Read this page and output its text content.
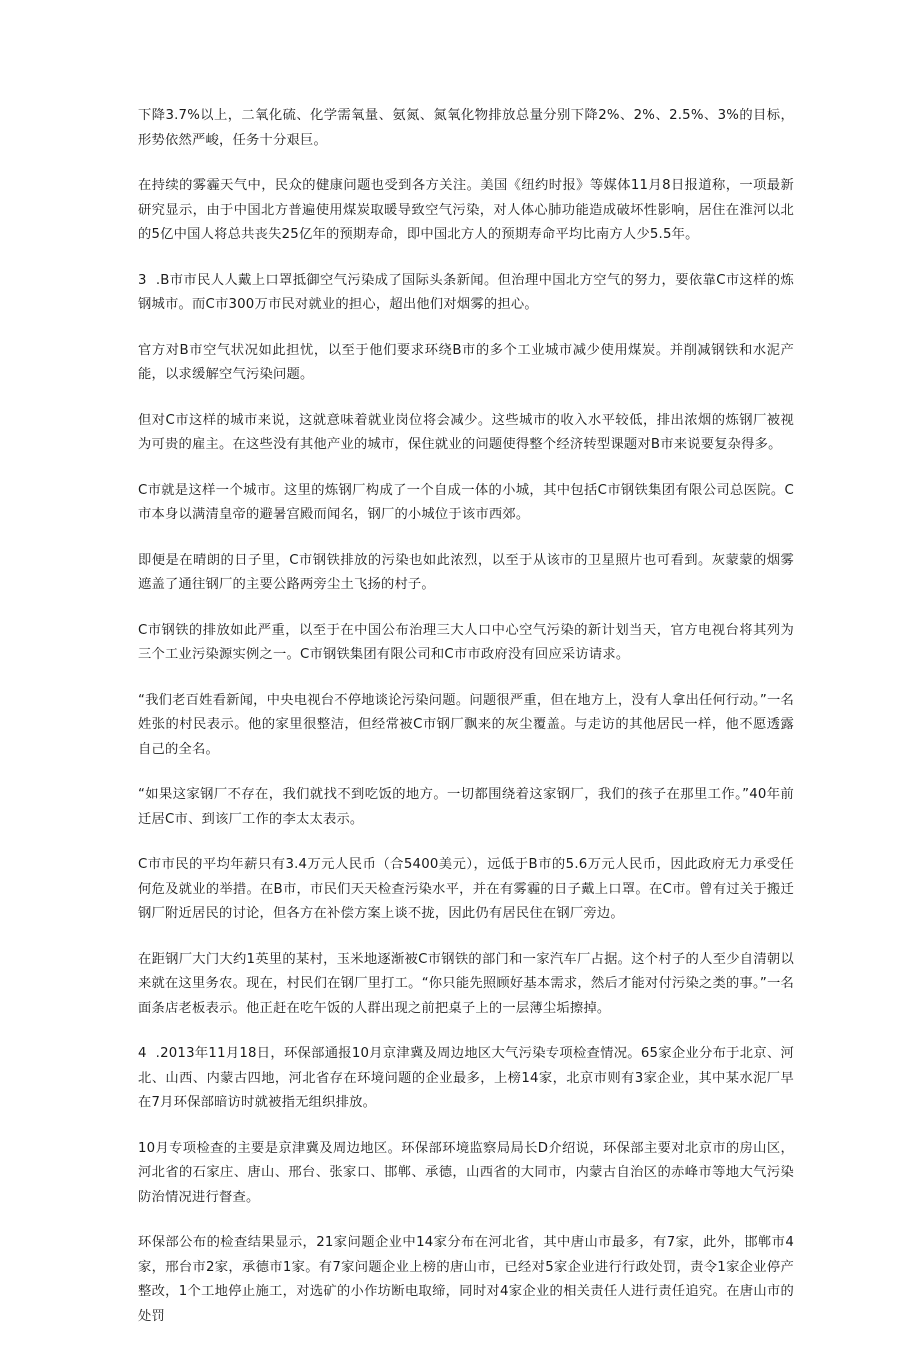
下降3.7%以上，二氧化硫、化学需氧量、氨氮、氮氧化物排放总量分别下降2%、2%、2.5%、3%的目标，形势依然严峻，任务十分艰巨。

在持续的雾霾天气中，民众的健康问题也受到各方关注。美国《纽约时报》等媒体11月8日报道称，一项最新研究显示，由于中国北方普遍使用煤炭取暖导致空气污染，对人体心肺功能造成破坏性影响，居住在淮河以北的5亿中国人将总共丧失25亿年的预期寿命，即中国北方人的预期寿命平均比南方人少5.5年。

3  .B市市民人人戴上口罩抵御空气污染成了国际头条新闻。但治理中国北方空气的努力，要依靠C市这样的炼钢城市。而C市300万市民对就业的担心，超出他们对烟雾的担心。

官方对B市空气状况如此担忧，以至于他们要求环绕B市的多个工业城市减少使用煤炭。并削减钢铁和水泥产能，以求缓解空气污染问题。

但对C市这样的城市来说，这就意味着就业岗位将会减少。这些城市的收入水平较低，排出浓烟的炼钢厂被视为可贵的雇主。在这些没有其他产业的城市，保住就业的问题使得整个经济转型课题对B市来说要复杂得多。

C市就是这样一个城市。这里的炼钢厂构成了一个自成一体的小城，其中包括C市钢铁集团有限公司总医院。C市本身以满清皇帝的避暑宫殿而闻名，钢厂的小城位于该市西郊。

即便是在晴朗的日子里，C市钢铁排放的污染也如此浓烈，以至于从该市的卫星照片也可看到。灰蒙蒙的烟雾遮盖了通往钢厂的主要公路两旁尘土飞扬的村子。

C市钢铁的排放如此严重，以至于在中国公布治理三大人口中心空气污染的新计划当天，官方电视台将其列为三个工业污染源实例之一。C市钢铁集团有限公司和C市市政府没有回应采访请求。

“我们老百姓看新闻，中央电视台不停地谈论污染问题。问题很严重，但在地方上，没有人拿出任何行动。”一名姓张的村民表示。他的家里很整洁，但经常被C市钢厂飘来的灰尘覆盖。与走访的其他居民一样，他不愿透露自己的全名。

“如果这家钢厂不存在，我们就找不到吃饭的地方。一切都围绕着这家钢厂，我们的孩子在那里工作。”40年前迁居C市、到该厂工作的李太太表示。

C市市民的平均年薪只有3.4万元人民币（合5400美元），远低于B市的5.6万元人民币，因此政府无力承受任何危及就业的举措。在B市，市民们天天检查污染水平，并在有雾霾的日子戴上口罩。在C市。曾有过关于搬迁钢厂附近居民的讨论，但各方在补偿方案上谈不拢，因此仍有居民住在钢厂旁边。

在距钢厂大门大约1英里的某村，玉米地逐渐被C市钢铁的部门和一家汽车厂占据。这个村子的人至少自清朝以来就在这里务农。现在，村民们在钢厂里打工。“你只能先照顾好基本需求，然后才能对付污染之类的事。”一名面条店老板表示。他正赶在吃午饭的人群出现之前把桌子上的一层薄尘垢擦掉。

4  .2013年11月18日，环保部通报10月京津冀及周边地区大气污染专项检查情况。65家企业分布于北京、河北、山西、内蒙古四地，河北省存在环境问题的企业最多，上榜14家，北京市则有3家企业，其中某水泥厂早在7月环保部暗访时就被指无组织排放。

10月专项检查的主要是京津冀及周边地区。环保部环境监察局局长D介绍说，环保部主要对北京市的房山区，河北省的石家庄、唐山、邢台、张家口、邯郸、承德，山西省的大同市，内蒙古自治区的赤峰市等地大气污染防治情况进行督查。

环保部公布的检查结果显示，21家问题企业中14家分布在河北省，其中唐山市最多，有7家，此外，邯郸市4家，邢台市2家，承德市1家。有7家问题企业上榜的唐山市，已经对5家企业进行行政处罚，责令1家企业停产整改，1个工地停止施工，对选矿的小作坊断电取缔，同时对4家企业的相关责任人进行责任追究。在唐山市的处罚
